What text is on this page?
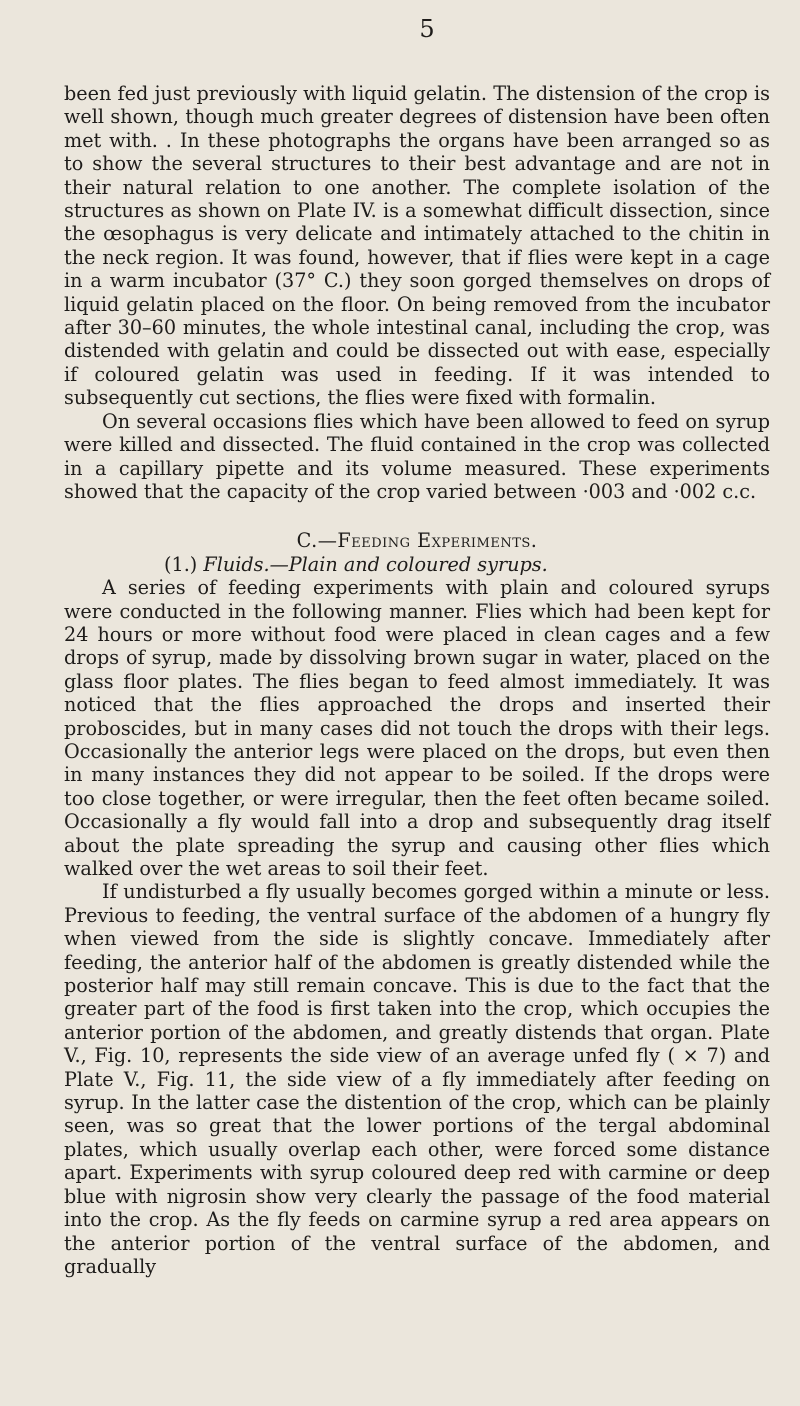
5

been fed just previously with liquid gelatin. The distension of the crop is well shown, though much greater degrees of distension have been often met with. . In these photographs the organs have been arranged so as to show the several structures to their best advantage and are not in their natural relation to one another. The complete isolation of the structures as shown on Plate IV. is a somewhat difficult dissection, since the œsophagus is very delicate and intimately attached to the chitin in the neck region. It was found, however, that if flies were kept in a cage in a warm incubator (37° C.) they soon gorged themselves on drops of liquid gelatin placed on the floor. On being removed from the incubator after 30–60 minutes, the whole intestinal canal, including the crop, was distended with gelatin and could be dissected out with ease, especially if coloured gelatin was used in feeding. If it was intended to subsequently cut sections, the flies were fixed with formalin.

On several occasions flies which have been allowed to feed on syrup were killed and dissected. The fluid contained in the crop was collected in a capillary pipette and its volume measured. These experiments showed that the capacity of the crop varied between ·003 and ·002 c.c.

C.—Feeding Experiments.
(1.) Fluids.—Plain and coloured syrups.

A series of feeding experiments with plain and coloured syrups were conducted in the following manner. Flies which had been kept for 24 hours or more without food were placed in clean cages and a few drops of syrup, made by dissolving brown sugar in water, placed on the glass floor plates. The flies began to feed almost immediately. It was noticed that the flies approached the drops and inserted their proboscides, but in many cases did not touch the drops with their legs. Occasionally the anterior legs were placed on the drops, but even then in many instances they did not appear to be soiled. If the drops were too close together, or were irregular, then the feet often became soiled. Occasionally a fly would fall into a drop and subsequently drag itself about the plate spreading the syrup and causing other flies which walked over the wet areas to soil their feet.

If undisturbed a fly usually becomes gorged within a minute or less. Previous to feeding, the ventral surface of the abdomen of a hungry fly when viewed from the side is slightly concave. Immediately after feeding, the anterior half of the abdomen is greatly distended while the posterior half may still remain concave. This is due to the fact that the greater part of the food is first taken into the crop, which occupies the anterior portion of the abdomen, and greatly distends that organ. Plate V., Fig. 10, represents the side view of an average unfed fly ( × 7) and Plate V., Fig. 11, the side view of a fly immediately after feeding on syrup. In the latter case the distention of the crop, which can be plainly seen, was so great that the lower portions of the tergal abdominal plates, which usually overlap each other, were forced some distance apart. Experiments with syrup coloured deep red with carmine or deep blue with nigrosin show very clearly the passage of the food material into the crop. As the fly feeds on carmine syrup a red area appears on the anterior portion of the ventral surface of the abdomen, and gradually
